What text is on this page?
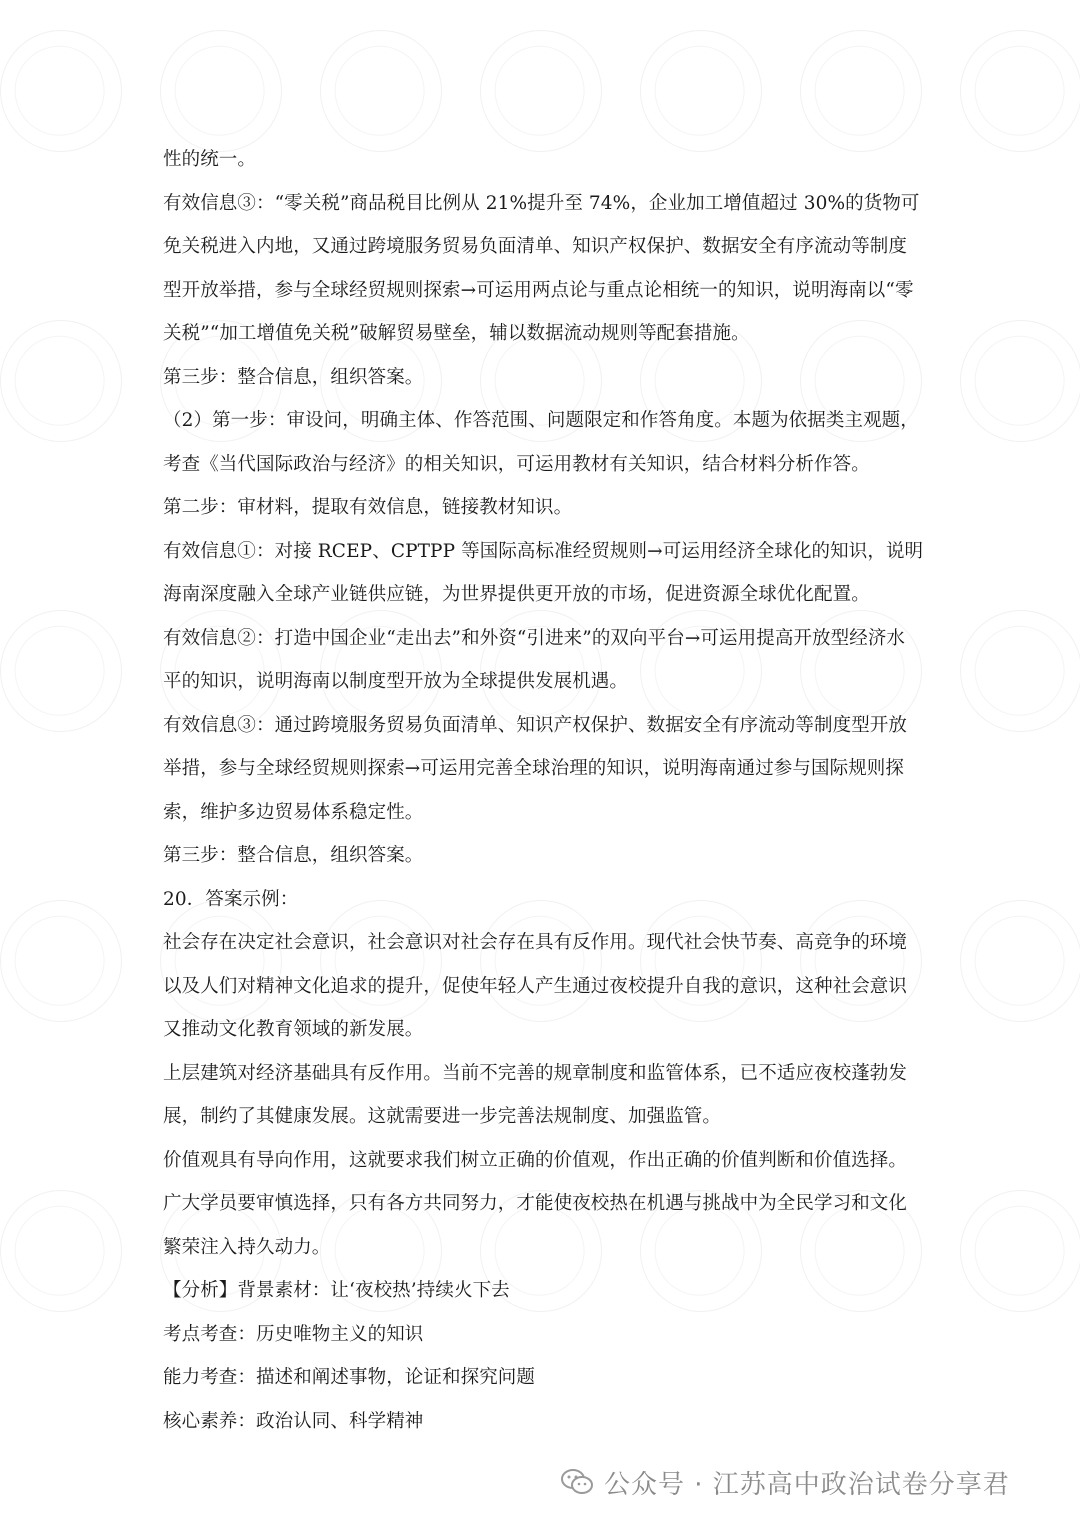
性的统一。
有效信息③：“零关税”商品税目比例从 21%提升至 74%，企业加工增值超过 30%的货物可
免关税进入内地，又通过跨境服务贸易负面清单、知识产权保护、数据安全有序流动等制度
型开放举措，参与全球经贸规则探索→可运用两点论与重点论相统一的知识，说明海南以“零
关税”“加工增值免关税”破解贸易壁垒，辅以数据流动规则等配套措施。
第三步：整合信息，组织答案。
（2）第一步：审设问，明确主体、作答范围、问题限定和作答角度。本题为依据类主观题，
考查《当代国际政治与经济》的相关知识，可运用教材有关知识，结合材料分析作答。
第二步：审材料，提取有效信息，链接教材知识。
有效信息①：对接 RCEP、CPTPP 等国际高标准经贸规则→可运用经济全球化的知识，说明
海南深度融入全球产业链供应链，为世界提供更开放的市场，促进资源全球优化配置。
有效信息②：打造中国企业“走出去”和外资“引进来”的双向平台→可运用提高开放型经济水
平的知识，说明海南以制度型开放为全球提供发展机遇。
有效信息③：通过跨境服务贸易负面清单、知识产权保护、数据安全有序流动等制度型开放
举措，参与全球经贸规则探索→可运用完善全球治理的知识，说明海南通过参与国际规则探
索，维护多边贸易体系稳定性。
第三步：整合信息，组织答案。
20．答案示例：
社会存在决定社会意识，社会意识对社会存在具有反作用。现代社会快节奏、高竞争的环境
以及人们对精神文化追求的提升，促使年轻人产生通过夜校提升自我的意识，这种社会意识
又推动文化教育领域的新发展。
上层建筑对经济基础具有反作用。当前不完善的规章制度和监管体系，已不适应夜校蓬勃发
展，制约了其健康发展。这就需要进一步完善法规制度、加强监管。
价值观具有导向作用，这就要求我们树立正确的价值观，作出正确的价值判断和价值选择。
广大学员要审慎选择，只有各方共同努力，才能使夜校热在机遇与挑战中为全民学习和文化
繁荣注入持久动力。
【分析】背景素材：让‘夜校热’持续火下去
考点考查：历史唯物主义的知识
能力考查：描述和阐述事物，论证和探究问题
核心素养：政治认同、科学精神
公众号 · 江苏高中政治试卷分享君
